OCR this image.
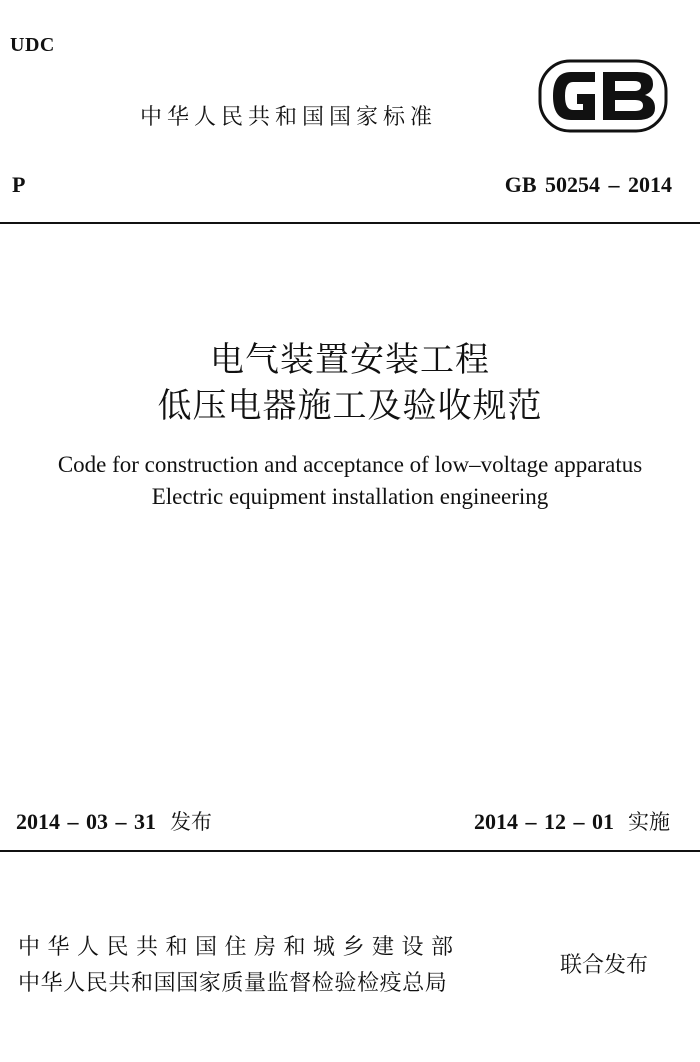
UDC
中华人民共和国国家标准
P	GB 50254 – 2014
电气装置安装工程
低压电器施工及验收规范
Code for construction and acceptance of low–voltage apparatus
Electric equipment installation engineering
2014 – 03 – 31 发布	2014 – 12 – 01 实施
中华人民共和国住房和城乡建设部
中华人民共和国国家质量监督检验检疫总局
联合发布
